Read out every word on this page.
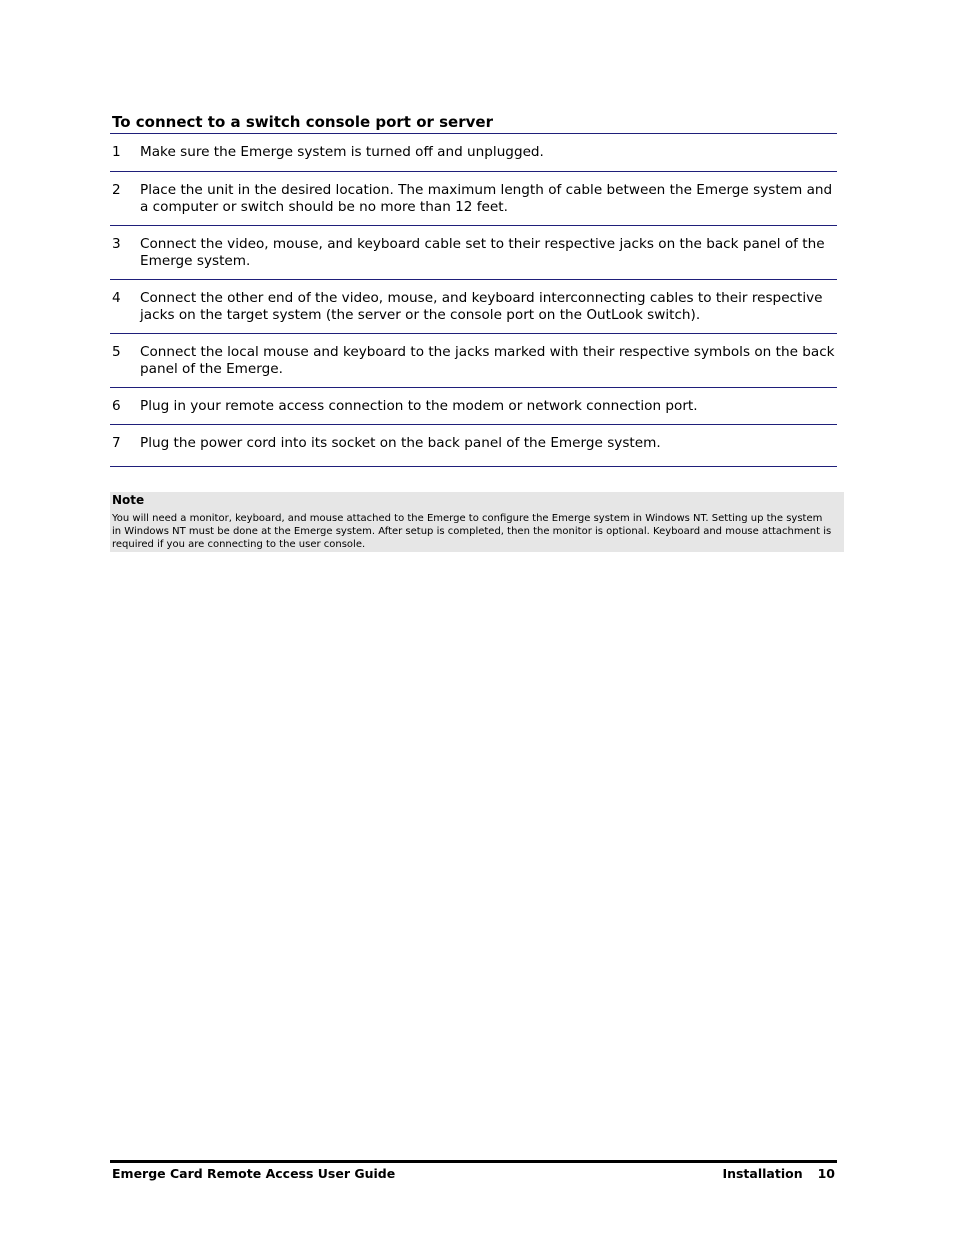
To connect to a switch console port or server
1	Make sure the Emerge system is turned off and unplugged.
2	Place the unit in the desired location. The maximum length of cable between the Emerge system and a computer or switch should be no more than 12 feet.
3	Connect the video, mouse, and keyboard cable set to their respective jacks on the back panel of the Emerge system.
4	Connect the other end of the video, mouse, and keyboard interconnecting cables to their respective jacks on the target system (the server or the console port on the OutLook switch).
5	Connect the local mouse and keyboard to the jacks marked with their respective symbols on the back panel of the Emerge.
6	Plug in your remote access connection to the modem or network connection port.
7	Plug the power cord into its socket on the back panel of the Emerge system.
Note
You will need a monitor, keyboard, and mouse attached to the Emerge to configure the Emerge system in Windows NT. Setting up the system in Windows NT must be done at the Emerge system. After setup is completed, then the monitor is optional. Keyboard and mouse attachment is required if you are connecting to the user console.
Emerge Card Remote Access User Guide	Installation 10
